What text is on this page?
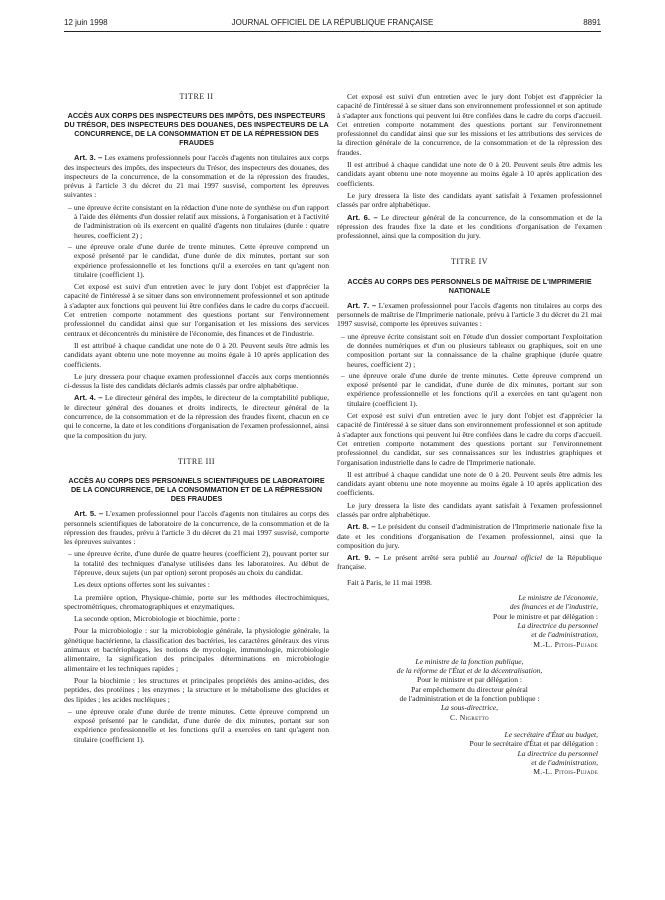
12 juin 1998	JOURNAL OFFICIEL DE LA RÉPUBLIQUE FRANÇAISE	8891

TITRE II

ACCÈS AUX CORPS DES INSPECTEURS DES IMPÔTS, DES INSPECTEURS DU TRÉSOR, DES INSPECTEURS DES DOUANES, DES INSPECTEURS DE LA CONCURRENCE, DE LA CONSOMMATION ET DE LA RÉPRESSION DES FRAUDES

Art. 3. – Les examens professionnels pour l'accès d'agents non titulaires aux corps des inspecteurs des impôts, des inspecteurs du Trésor, des inspecteurs des douanes, des inspecteurs de la concurrence, de la consommation et de la répression des fraudes, prévus à l'article 3 du décret du 21 mai 1997 susvisé, comportent les épreuves suivantes :

– une épreuve écrite consistant en la rédaction d'une note de synthèse ou d'un rapport à l'aide des éléments d'un dossier relatif aux missions, à l'organisation et à l'activité de l'administration où ils exercent en qualité d'agents non titulaires (durée : quatre heures, coefficient 2) ;
– une épreuve orale d'une durée de trente minutes. Cette épreuve comprend un exposé présenté par le candidat, d'une durée de dix minutes, portant sur son expérience professionnelle et les fonctions qu'il a exercées en tant qu'agent non titulaire (coefficient 1).

Cet exposé est suivi d'un entretien avec le jury dont l'objet est d'apprécier la capacité de l'intéressé à se situer dans son environnement professionnel et son aptitude à s'adapter aux fonctions qui peuvent lui être confiées dans le cadre du corps d'accueil. Cet entretien comporte notamment des questions portant sur l'environnement professionnel du candidat ainsi que sur l'organisation et les missions des services centraux et déconcentrés du ministère de l'économie, des finances et de l'industrie.

Il est attribué à chaque candidat une note de 0 à 20. Peuvent seuls être admis les candidats ayant obtenu une note moyenne au moins égale à 10 après application des coefficients.

Le jury dressera pour chaque examen professionnel d'accès aux corps mentionnés ci-dessus la liste des candidats déclarés admis classés par ordre alphabétique.

Art. 4. – Le directeur général des impôts, le directeur de la comptabilité publique, le directeur général des douanes et droits indirects, le directeur général de la concurrence, de la consommation et de la répression des fraudes fixent, chacun en ce qui le concerne, la date et les conditions d'organisation de l'examen professionnel, ainsi que la composition du jury.

TITRE III

ACCÈS AU CORPS DES PERSONNELS SCIENTIFIQUES DE LABORATOIRE DE LA CONCURRENCE, DE LA CONSOMMATION ET DE LA RÉPRESSION DES FRAUDES

Art. 5. – L'examen professionnel pour l'accès d'agents non titulaires au corps des personnels scientifiques de laboratoire de la concurrence, de la consommation et de la répression des fraudes, prévu à l'article 3 du décret du 21 mai 1997 susvisé, comporte les épreuves suivantes :

– une épreuve écrite, d'une durée de quatre heures (coefficient 2), pouvant porter sur la totalité des techniques d'analyse utilisées dans les laboratoires. Au début de l'épreuve, deux sujets (un par option) seront proposés au choix du candidat.

Les deux options offertes sont les suivantes :

La première option, Physique-chimie, porte sur les méthodes électrochimiques, spectrométriques, chromatographiques et enzymatiques.

La seconde option, Microbiologie et biochimie, porte :

Pour la microbiologie : sur la microbiologie générale, la physiologie générale, la génétique bactérienne, la classification des bactéries, les caractères généraux des virus animaux et bactériophages, les notions de mycologie, immunologie, microbiologie alimentaire, la signification des principales déterminations en microbiologie alimentaire et les techniques rapides ;

Pour la biochimie : les structures et principales propriétés des amino-acides, des peptides, des protéines ; les enzymes ; la structure et le métabolisme des glucides et des lipides ; les acides nucléiques ;

– une épreuve orale d'une durée de trente minutes. Cette épreuve comprend un exposé présenté par le candidat, d'une durée de dix minutes, portant sur son expérience professionnelle et les fonctions qu'il a exercées en tant qu'agent non titulaire (coefficient 1).

Cet exposé est suivi d'un entretien avec le jury dont l'objet est d'apprécier la capacité de l'intéressé à se situer dans son environnement professionnel et son aptitude à s'adapter aux fonctions qui peuvent lui être confiées dans le cadre du corps d'accueil. Cet entretien comporte notamment des questions portant sur l'environnement professionnel du candidat ainsi que sur les missions et les attributions des services de la direction générale de la concurrence, de la consommation et de la répression des fraudes.

Il est attribué à chaque candidat une note de 0 à 20. Peuvent seuls être admis les candidats ayant obtenu une note moyenne au moins égale à 10 après application des coefficients.

Le jury dressera la liste des candidats ayant satisfait à l'examen professionnel classés par ordre alphabétique.

Art. 6. – Le directeur général de la concurrence, de la consommation et de la répression des fraudes fixe la date et les conditions d'organisation de l'examen professionnel, ainsi que la composition du jury.

TITRE IV

ACCÈS AU CORPS DES PERSONNELS DE MAÎTRISE DE L'IMPRIMERIE NATIONALE

Art. 7. – L'examen professionnel pour l'accès d'agents non titulaires au corps des personnels de maîtrise de l'Imprimerie nationale, prévu à l'article 3 du décret du 21 mai 1997 susvisé, comporte les épreuves suivantes :

– une épreuve écrite consistant soit en l'étude d'un dossier comportant l'exploitation de données numériques et d'un ou plusieurs tableaux ou graphiques, soit en une composition portant sur la connaissance de la chaîne graphique (durée quatre heures, coefficient 2) ;
– une épreuve orale d'une durée de trente minutes. Cette épreuve comprend un exposé présenté par le candidat, d'une durée de dix minutes, portant sur son expérience professionnelle et les fonctions qu'il a exercées en tant qu'agent non titulaire (coefficient 1).

Cet exposé est suivi d'un entretien avec le jury dont l'objet est d'apprécier la capacité de l'intéressé à se situer dans son environnement professionnel et son aptitude à s'adapter aux fonctions qui peuvent lui être confiées dans le cadre du corps d'accueil. Cet entretien comporte notamment des questions portant sur l'environnement professionnel du candidat, sur ses connaissances sur les industries graphiques et l'organisation industrielle dans le cadre de l'Imprimerie nationale.

Il est attribué à chaque candidat une note de 0 à 20. Peuvent seuls être admis les candidats ayant obtenu une note moyenne au moins égale à 10 après application des coefficients.

Le jury dressera la liste des candidats ayant satisfait à l'examen professionnel classés par ordre alphabétique.

Art. 8. – Le président du conseil d'administration de l'Imprimerie nationale fixe la date et les conditions d'organisation de l'examen professionnel, ainsi que la composition du jury.

Art. 9. – Le présent arrêté sera publié au Journal officiel de la République française.

Fait à Paris, le 11 mai 1998.

Le ministre de l'économie,

des finances et de l'industrie,

Pour le ministre et par délégation :

La directrice du personnel

et de l'administration,

M.-L. Pitois-Pujade

Le ministre de la fonction publique,

de la réforme de l'État et de la décentralisation,

Pour le ministre et par délégation :

Par empêchement du directeur général

de l'administration et de la fonction publique :

La sous-directrice,

C. Nigretto

Le secrétaire d'État au budget,

Pour le secrétaire d'État et par délégation :

La directrice du personnel

et de l'administration,

M.-L. Pitois-Pujade
